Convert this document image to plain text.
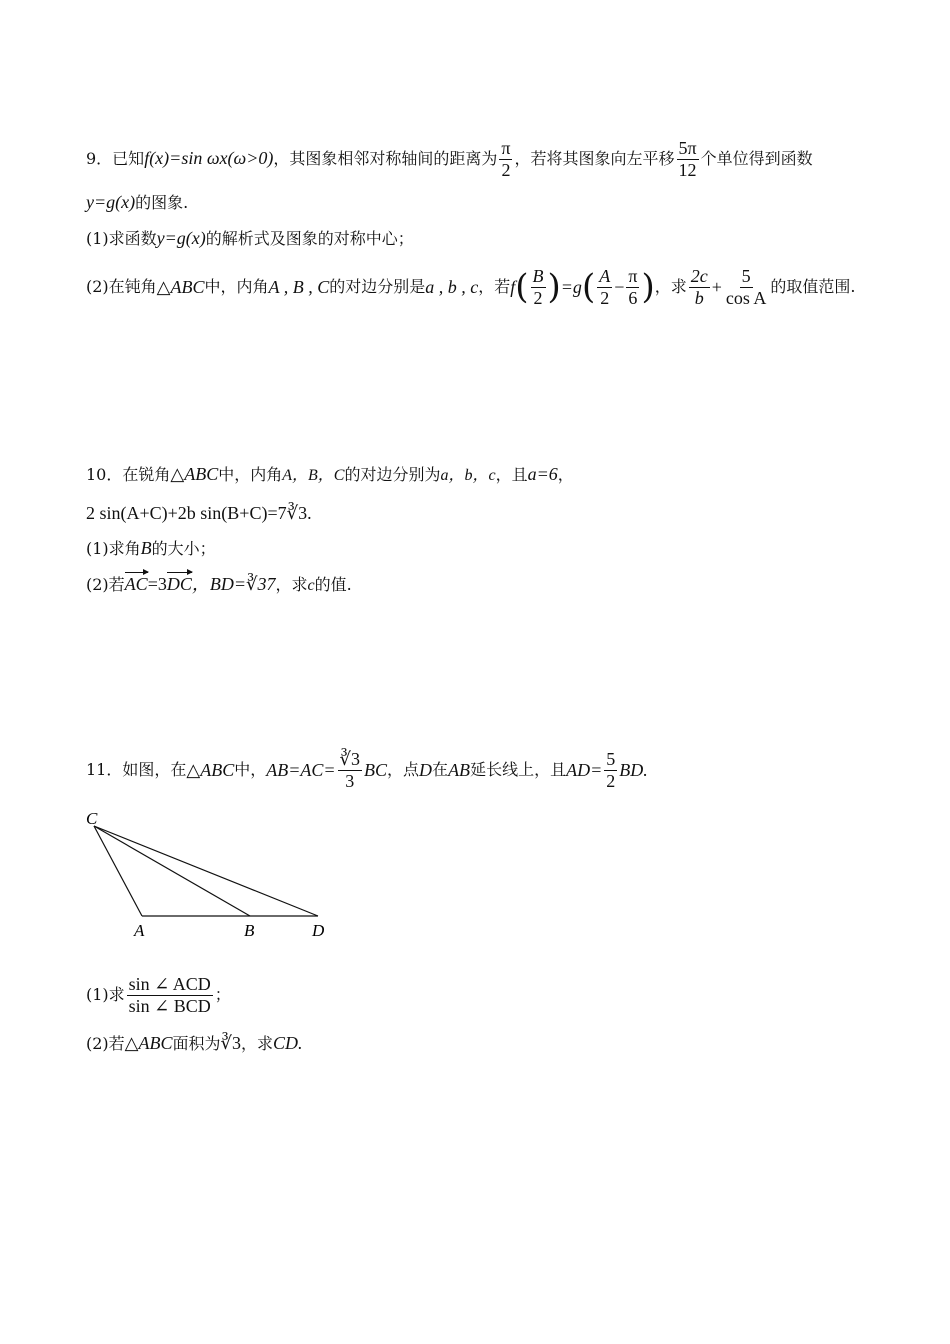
9．已知f(x)=sin ωx(ω>0)，其图象相邻对称轴间的距离为 $\frac{\pi}{2}$ ，若将其图象向左平移 $\frac{5\pi}{12}$ 个单位得到函数
y=g(x)的图象.
(1)求函数y=g(x)的解析式及图象的对称中心；
(2)在钝角 △ABC 中，内角 A , B , C 的对边分别是 a , b , c ，若 f ( $\frac{B}{2}$ ) =g ( $\frac{A}{2} - \frac{\pi}{6}$ ) ，求 $\frac{2c}{b} + \frac{5}{\text{cos A}}$ 的取值范围.
10．在锐角△ABC中，内角A，B，C的对边分别为a，b，c，且a=6，
2 sin(A+C)+2b sin(B+C)=7∛3.
(1)求角B的大小；
(2)若AC=3DC，BD=∛37，求c的值.
11．如图，在 △ABC 中， $AB=AC= \frac{∛3}{3}$ BC ，点 D 在 AB 延长线上，且 $AD= \frac{5}{2}$ BD.
C
A	B	D
(1)求 $\frac{\text{sin ∠ ACD}}{\text{sin ∠ BCD}}$ ；
(2)若△ABC面积为∛3，求CD.
